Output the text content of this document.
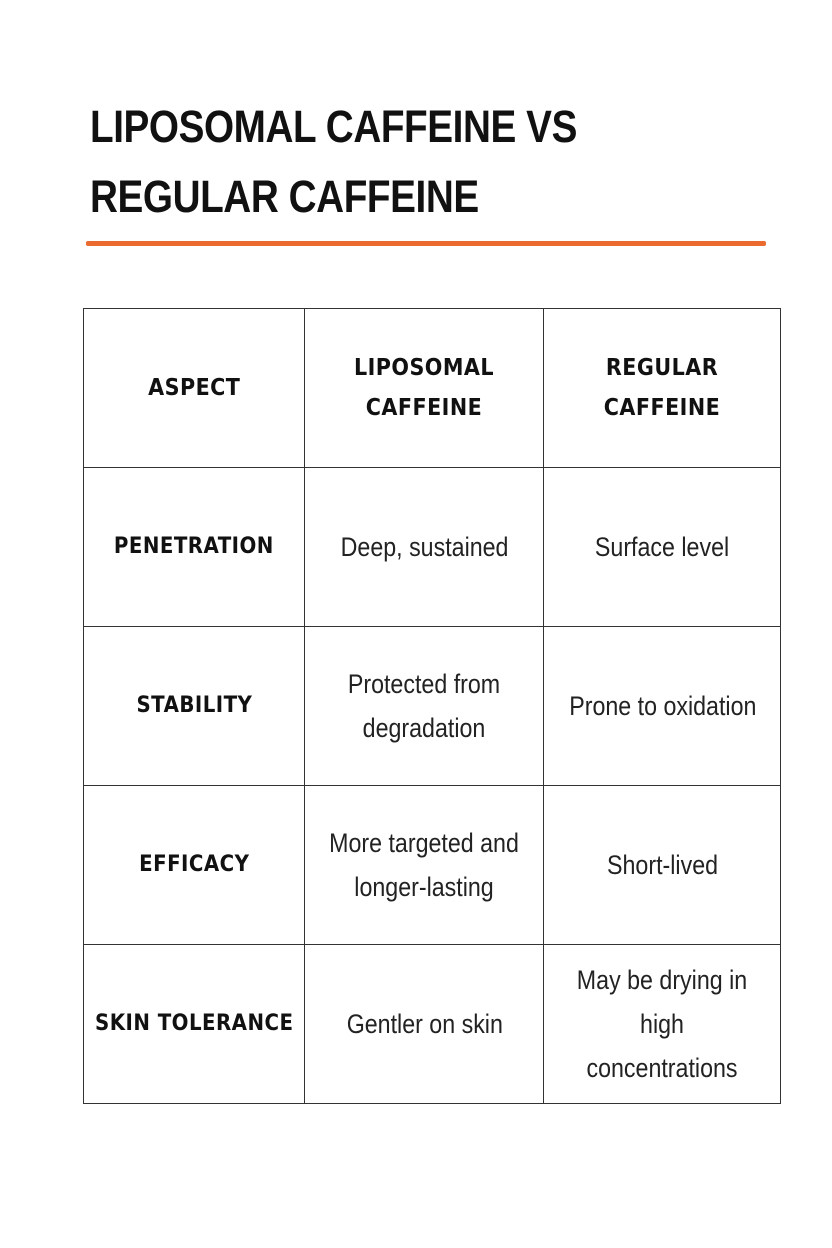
LIPOSOMAL CAFFEINE VS
REGULAR CAFFEINE
ASPECT	LIPOSOMAL CAFFEINE	REGULAR CAFFEINE
PENETRATION	Deep, sustained	Surface level
STABILITY	Protected from degradation	Prone to oxidation
EFFICACY	More targeted and longer-lasting	Short-lived
SKIN TOLERANCE	Gentler on skin	May be drying in high concentrations
